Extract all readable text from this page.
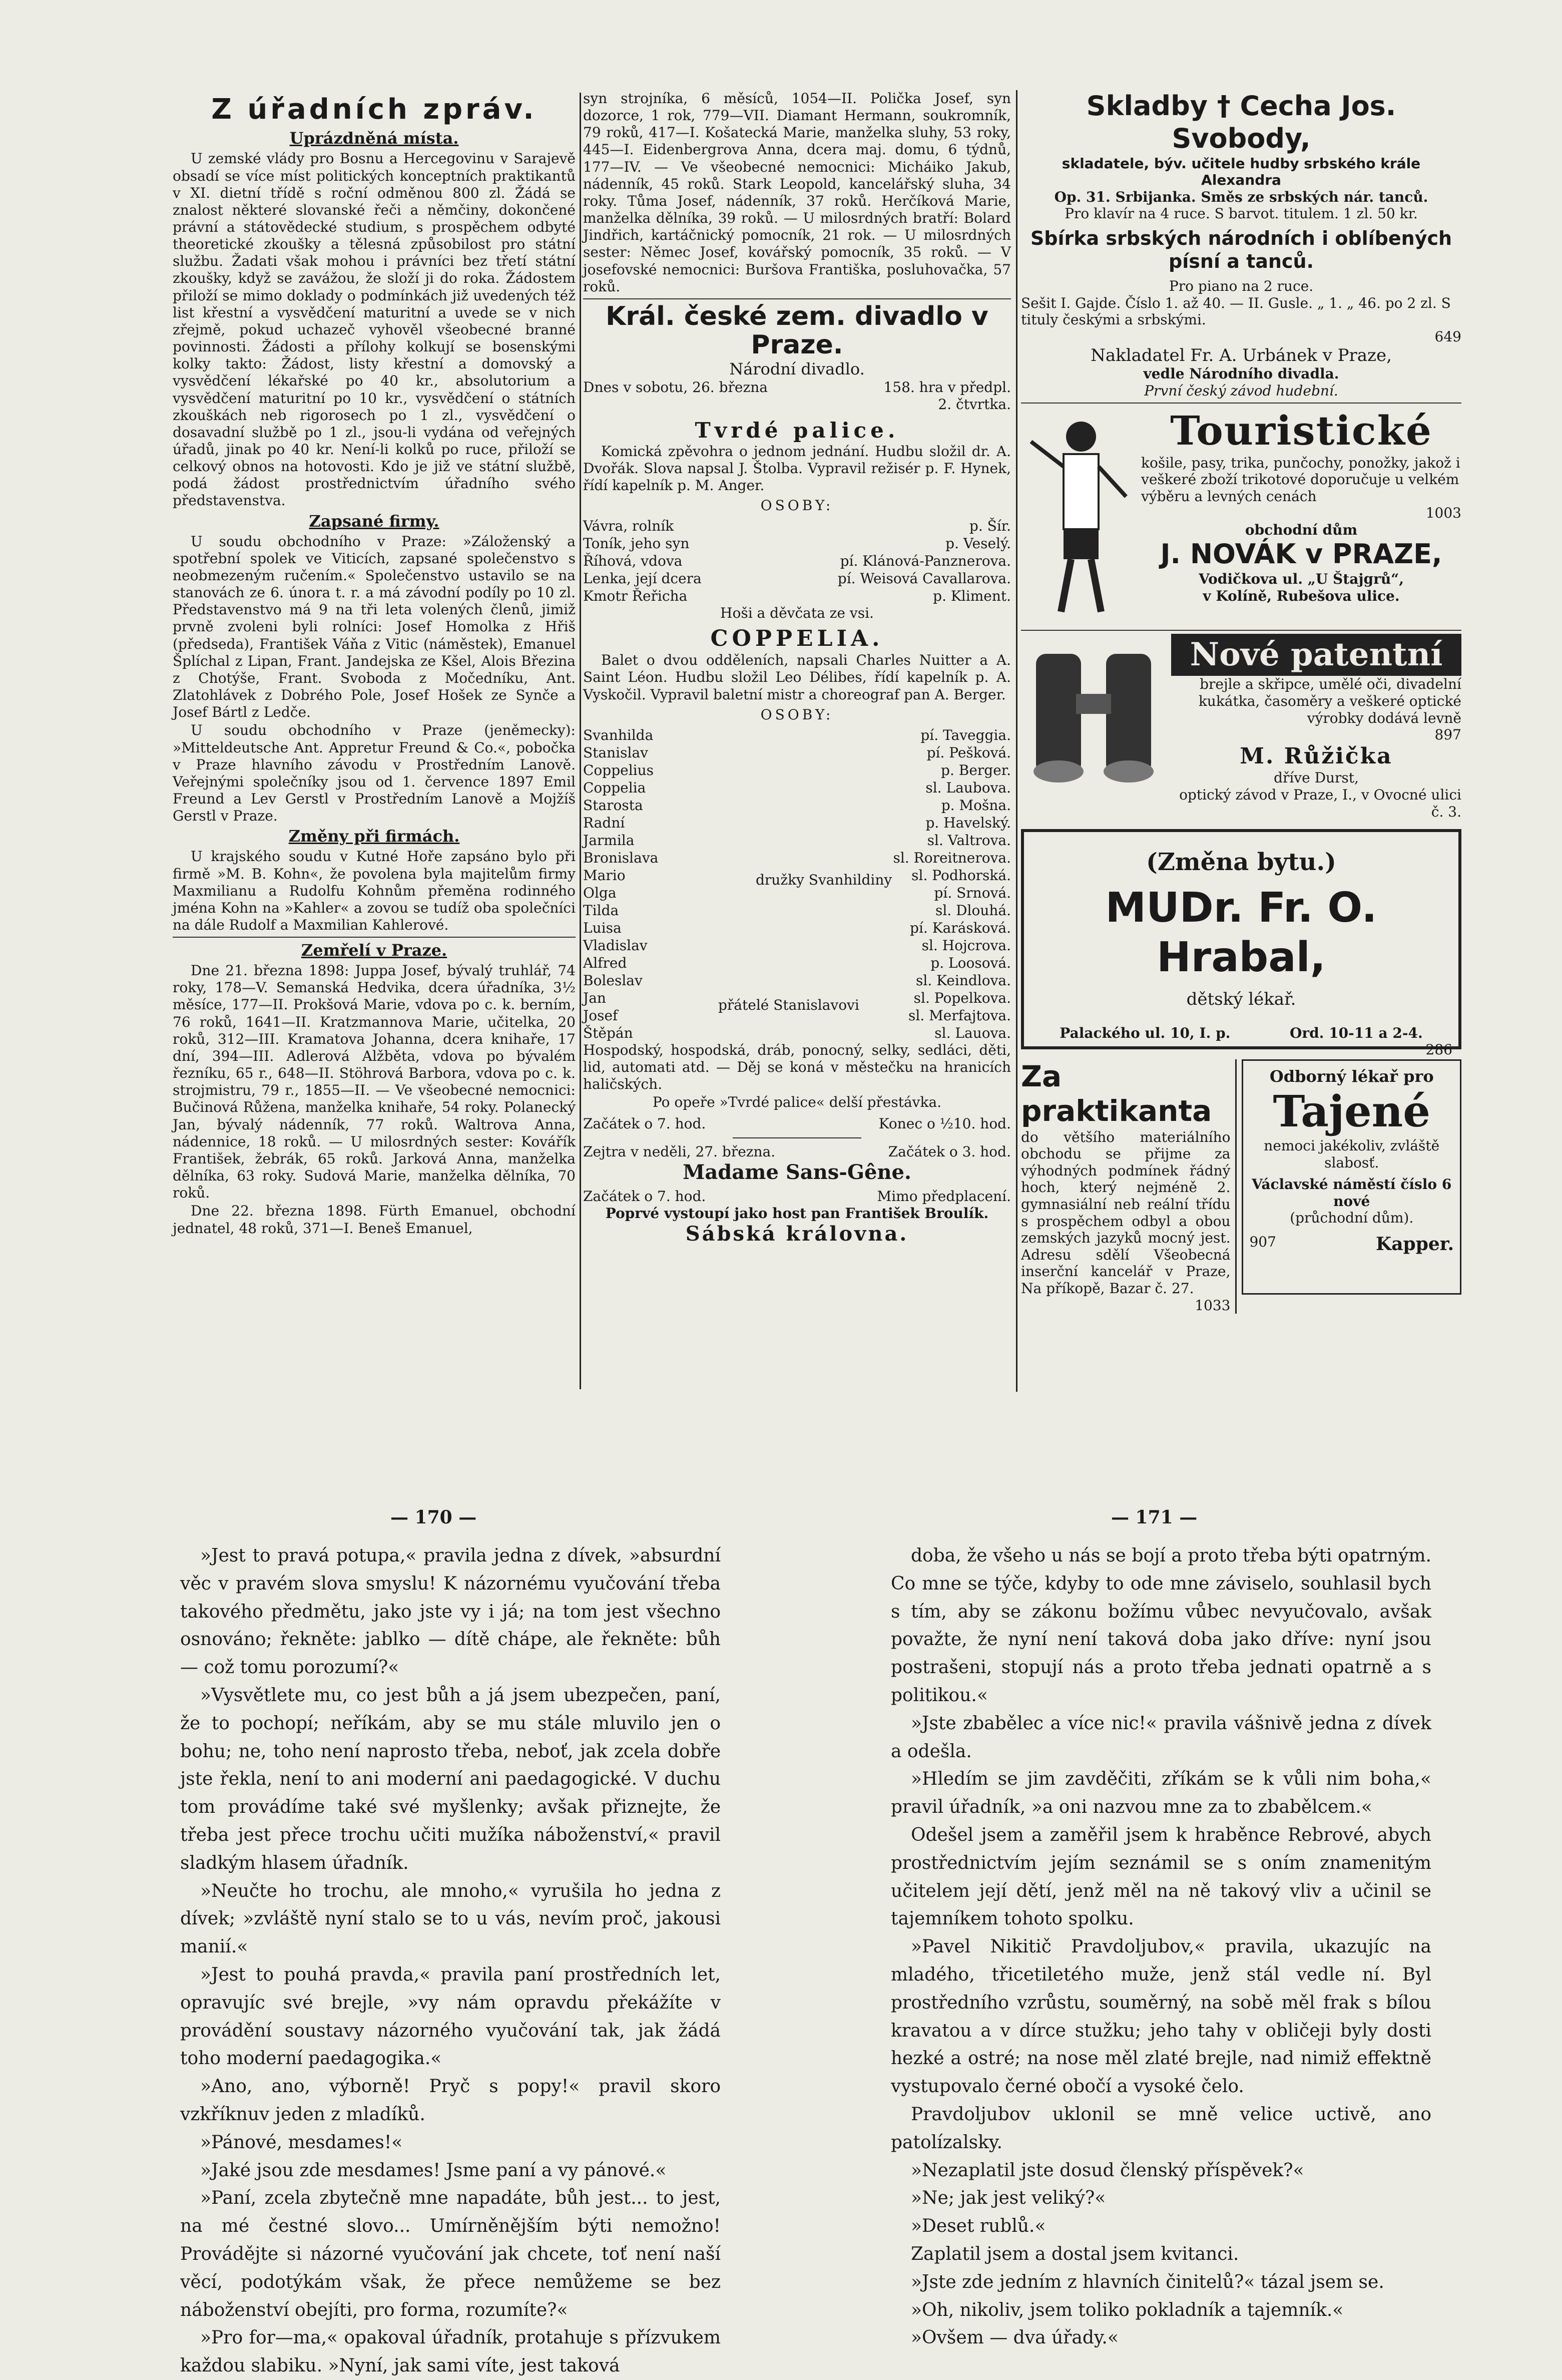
Z úřadních zpráv.
Uprázdněná místa.

U zemské vlády pro Bosnu a Hercegovinu v Sarajevě obsadí se více míst politických konceptních praktikantů v XI. dietní třídě s roční odměnou 800 zl. Žádá se znalost některé slovanské řeči a němčiny, dokončené právní a státovědecké studium, s prospěchem odbyté theoretické zkoušky a tělesná způsobilost pro státní službu. Žadati však mohou i právníci bez třetí státní zkoušky, když se zavážou, že složí ji do roka. Žádostem přiloží se mimo doklady o podmínkách již uvedených též list křestní a vysvědčení maturitní a uvede se v nich zřejmě, pokud uchazeč vyhověl všeobecné branné povinnosti. Žádosti a přílohy kolkují se bosenskými kolky takto: Žádost, listy křestní a domovský a vysvědčení lékařské po 40 kr., absolutorium a vysvědčení maturitní po 10 kr., vysvědčení o státních zkouškách neb rigorosech po 1 zl., vysvědčení o dosavadní službě po 1 zl., jsou-li vydána od veřejných úřadů, jinak po 40 kr. Není-li kolků po ruce, přiloží se celkový obnos na hotovosti. Kdo je již ve státní službě, podá žádost prostřednictvím úřadního svého představenstva.

Zapsané firmy.

U soudu obchodního v Praze: »Záloženský a spotřební spolek ve Viticích, zapsané společenstvo s neobmezeným ručením.« Společenstvo ustavilo se na stanovách ze 6. února t. r. a má závodní podíly po 10 zl. Představenstvo má 9 na tři leta volených členů, jimiž prvně zvoleni byli rolníci: Josef Homolka z Hřiš (předseda), František Váňa z Vitic (náměstek), Emanuel Šplíchal z Lipan, Frant. Jandejska ze Kšel, Alois Březina z Chotýše, Frant. Svoboda z Močedníku, Ant. Zlatohlávek z Dobrého Pole, Josef Hošek ze Synče a Josef Bártl z Ledče.

U soudu obchodního v Praze (jeněmecky): »Mitteldeutsche Ant. Appretur Freund & Co.«, pobočka v Praze hlavního závodu v Prostředním Lanově. Veřejnými společníky jsou od 1. července 1897 Emil Freund a Lev Gerstl v Prostředním Lanově a Mojžíš Gerstl v Praze.

Změny při firmách.

U krajského soudu v Kutné Hoře zapsáno bylo při firmě »M. B. Kohn«, že povolena byla majitelům firmy Maxmilianu a Rudolfu Kohnům přeměna rodinného jména Kohn na »Kahler« a zovou se tudíž oba společníci na dále Rudolf a Maxmilian Kahlerové.

Zemřelí v Praze.

Dne 21. března 1898: Juppa Josef, bývalý truhlář, 74 roky, 178—V. Semanská Hedvika, dcera úřadníka, 3½ měsíce, 177—II. Prokšová Marie, vdova po c. k. berním, 76 roků, 1641—II. Kratzmannova Marie, učitelka, 20 roků, 312—III. Kramatova Johanna, dcera knihaře, 17 dní, 394—III. Adlerová Alžběta, vdova po bývalém řezníku, 65 r., 648—II. Stöhrová Barbora, vdova po c. k. strojmistru, 79 r., 1855—II. — Ve všeobecné nemocnici: Bučinová Růžena, manželka knihaře, 54 roky. Polanecký Jan, bývalý nádenník, 77 roků. Waltrova Anna, nádennice, 18 roků. — U milosrdných sester: Kovářík František, žebrák, 65 roků. Jarková Anna, manželka dělníka, 63 roky. Sudová Marie, manželka dělníka, 70 roků.

Dne 22. března 1898. Fürth Emanuel, obchodní jednatel, 48 roků, 371—I. Beneš Emanuel,

syn strojníka, 6 měsíců, 1054—II. Polička Josef, syn dozorce, 1 rok, 779—VII. Diamant Hermann, soukromník, 79 roků, 417—I. Košatecká Marie, manželka sluhy, 53 roky, 445—I. Eidenbergrova Anna, dcera maj. domu, 6 týdnů, 177—IV. — Ve všeobecné nemocnici: Micháiko Jakub, nádenník, 45 roků. Stark Leopold, kancelářský sluha, 34 roky. Tůma Josef, nádenník, 37 roků. Herčíková Marie, manželka dělníka, 39 roků. — U milosrdných bratří: Bolard Jindřich, kartáčnický pomocník, 21 rok. — U milosrdných sester: Němec Josef, kovářský pomocník, 35 roků. — V josefovské nemocnici: Buršova Františka, posluhovačka, 57 roků.

Král. české zem. divadlo v Praze.
Národní divadlo.
Dnes v sobotu, 26. března	158. hra v předpl.
2. čtvrtka.
Tvrdé palice.

Komická zpěvohra o jednom jednání. Hudbu složil dr. A. Dvořák. Slova napsal J. Štolba. Vypravil režisér p. F. Hynek, řídí kapelník p. M. Anger.

OSOBY:
Vávra, rolník	p. Šír.
Toník, jeho syn	p. Veselý.
Říhová, vdova	pí. Klánová-Panznerova.
Lenka, její dcera	pí. Weisová Cavallarova.
Kmotr Řeřicha	p. Kliment.
Hoši a děvčata ze vsi.
COPPELIA.

Balet o dvou odděleních, napsali Charles Nuitter a A. Saint Léon. Hudbu složil Leo Délibes, řídí kapelník p. A. Vyskočil. Vypravil baletní mistr a choreograf pan A. Berger.

OSOBY:
Svanhilda	pí. Taveggia.
Stanislav	pí. Pešková.
Coppelius	p. Berger.
Coppelia	sl. Laubova.
Starosta	p. Mošna.
Radní	p. Havelský.
Jarmila	sl. Valtrova.
Bronislava	sl. Roreitnerova.
Mario	sl. Podhorská.
Olga	pí. Srnová.
Tilda	sl. Dlouhá.
Luisa	pí. Karásková.
Vladislav	sl. Hojcrova.
Alfred	p. Loosová.
Boleslav	sl. Keindlova.
Jan	sl. Popelkova.
Josef	sl. Merfajtova.
Štěpán	sl. Lauova.
družky Svanhildiny
přátelé Stanislavovi

Hospodský, hospodská, dráb, ponocný, selky, sedláci, děti, lid, automati atd. — Děj se koná v městečku na hranicích haličských.

Po opeře »Tvrdé palice« delší přestávka.
Začátek o 7. hod.	Konec o ½10. hod.
Zejtra v neděli, 27. března.	Začátek o 3. hod.
Madame Sans-Gêne.
Začátek o 7. hod.	Mimo předplacení.
Poprvé vystoupí jako host pan František Broulík.
Sábská královna.
Skladby † Cecha Jos. Svobody,
skladatele, býv. učitele hudby srbského krále Alexandra
Op. 31. Srbijanka. Směs ze srbských nár. tanců.
Pro klavír na 4 ruce. S barvot. titulem. 1 zl. 50 kr.
Sbírka srbských národních i oblíbených písní a tanců.
Pro piano na 2 ruce.
Sešit I. Gajde. Číslo 1. až 40. — II. Gusle. „ 1. „ 46. po 2 zl. S tituly českými a srbskými.
649
Nakladatel Fr. A. Urbánek v Praze,
vedle Národního divadla.
První český závod hudební.
Touristické
košile, pasy, trika, punčochy, ponožky, jakož i veškeré zboží trikotové doporučuje u velkém výběru a levných cenách
1003
obchodní dům
J. NOVÁK v PRAZE,
Vodičkova ul. „U Štajgrů“,
v Kolíně, Rubešova ulice.
Nové patentní
brejle a skřipce, umělé oči, divadelní kukátka, časoměry a veškeré optické výrobky dodává levně
897
M. Růžička
dříve Durst,
optický závod v Praze, I., v Ovocné ulici č. 3.
(Změna bytu.)
MUDr. Fr. O. Hrabal,
dětský lékař.
Palackého ul. 10, I. p.	Ord. 10-11 a 2-4.
286
Za praktikanta
do většího materiálního obchodu se přijme za výhodných podmínek řádný hoch, který nejméně 2. gymnasiální neb reální třídu s prospěchem odbyl a obou zemských jazyků mocný jest. Adresu sdělí Všeobecná inserční kancelář v Praze, Na příkopě, Bazar č. 27.
1033
Odborný lékař pro
Tajené
nemoci jakékoliv, zvláště slabosť.
Václavské náměstí číslo 6 nové
(průchodní dům).
907	Kapper.
— 170 —	— 171 —

»Jest to pravá potupa,« pravila jedna z dívek, »absurdní věc v pravém slova smyslu! K názornému vyučování třeba takového předmětu, jako jste vy i já; na tom jest všechno osnováno; řekněte: jablko — dítě chápe, ale řekněte: bůh — což tomu porozumí?«

»Vysvětlete mu, co jest bůh a já jsem ubezpečen, paní, že to pochopí; neříkám, aby se mu stále mluvilo jen o bohu; ne, toho není naprosto třeba, neboť, jak zcela dobře jste řekla, není to ani moderní ani paedagogické. V duchu tom provádíme také své myšlenky; avšak přiznejte, že třeba jest přece trochu učiti mužíka náboženství,« pravil sladkým hlasem úřadník.

»Neučte ho trochu, ale mnoho,« vyrušila ho jedna z dívek; »zvláště nyní stalo se to u vás, nevím proč, jakousi manií.«

»Jest to pouhá pravda,« pravila paní prostředních let, opravujíc své brejle, »vy nám opravdu překážíte v provádění soustavy názorného vyučování tak, jak žádá toho moderní paedagogika.«

»Ano, ano, výborně! Pryč s popy!« pravil skoro vzkříknuv jeden z mladíků.

»Pánové, mesdames!«

»Jaké jsou zde mesdames! Jsme paní a vy pánové.«

»Paní, zcela zbytečně mne napadáte, bůh jest... to jest, na mé čestné slovo... Umírněnějším býti nemožno! Provádějte si názorné vyučování jak chcete, toť není naší věcí, podotýkám však, že přece nemůžeme se bez náboženství obejíti, pro forma, rozumíte?«

»Pro for—ma,« opakoval úřadník, protahuje s přízvukem každou slabiku. »Nyní, jak sami víte, jest taková

doba, že všeho u nás se bojí a proto třeba býti opatrným. Co mne se týče, kdyby to ode mne záviselo, souhlasil bych s tím, aby se zákonu božímu vůbec nevyučovalo, avšak považte, že nyní není taková doba jako dříve: nyní jsou postrašeni, stopují nás a proto třeba jednati opatrně a s politikou.«

»Jste zbabělec a více nic!« pravila vášnivě jedna z dívek a odešla.

»Hledím se jim zavděčiti, zříkám se k vůli nim boha,« pravil úřadník, »a oni nazvou mne za to zbabělcem.«

Odešel jsem a zaměřil jsem k hraběnce Rebrové, abych prostřednictvím jejím seznámil se s oním znamenitým učitelem její dětí, jenž měl na ně takový vliv a učinil se tajemníkem tohoto spolku.

»Pavel Nikitič Pravdoljubov,« pravila, ukazujíc na mladého, třicetiletého muže, jenž stál vedle ní. Byl prostředního vzrůstu, souměrný, na sobě měl frak s bílou kravatou a v dírce stužku; jeho tahy v obličeji byly dosti hezké a ostré; na nose měl zlaté brejle, nad nimiž effektně vystupovalo černé obočí a vysoké čelo.

Pravdoljubov uklonil se mně velice uctivě, ano patolízalsky.

»Nezaplatil jste dosud členský příspěvek?«

»Ne; jak jest veliký?«

»Deset rublů.«

Zaplatil jsem a dostal jsem kvitanci.

»Jste zde jedním z hlavních činitelů?« tázal jsem se.

»Oh, nikoliv, jsem toliko pokladník a tajemník.«

»Ovšem — dva úřady.«
